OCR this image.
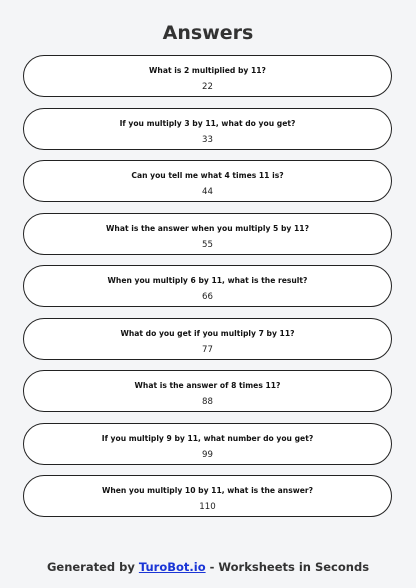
Answers
What is 2 multiplied by 11?
22
If you multiply 3 by 11, what do you get?
33
Can you tell me what 4 times 11 is?
44
What is the answer when you multiply 5 by 11?
55
When you multiply 6 by 11, what is the result?
66
What do you get if you multiply 7 by 11?
77
What is the answer of 8 times 11?
88
If you multiply 9 by 11, what number do you get?
99
When you multiply 10 by 11, what is the answer?
110
Generated by TuroBot.io - Worksheets in Seconds
